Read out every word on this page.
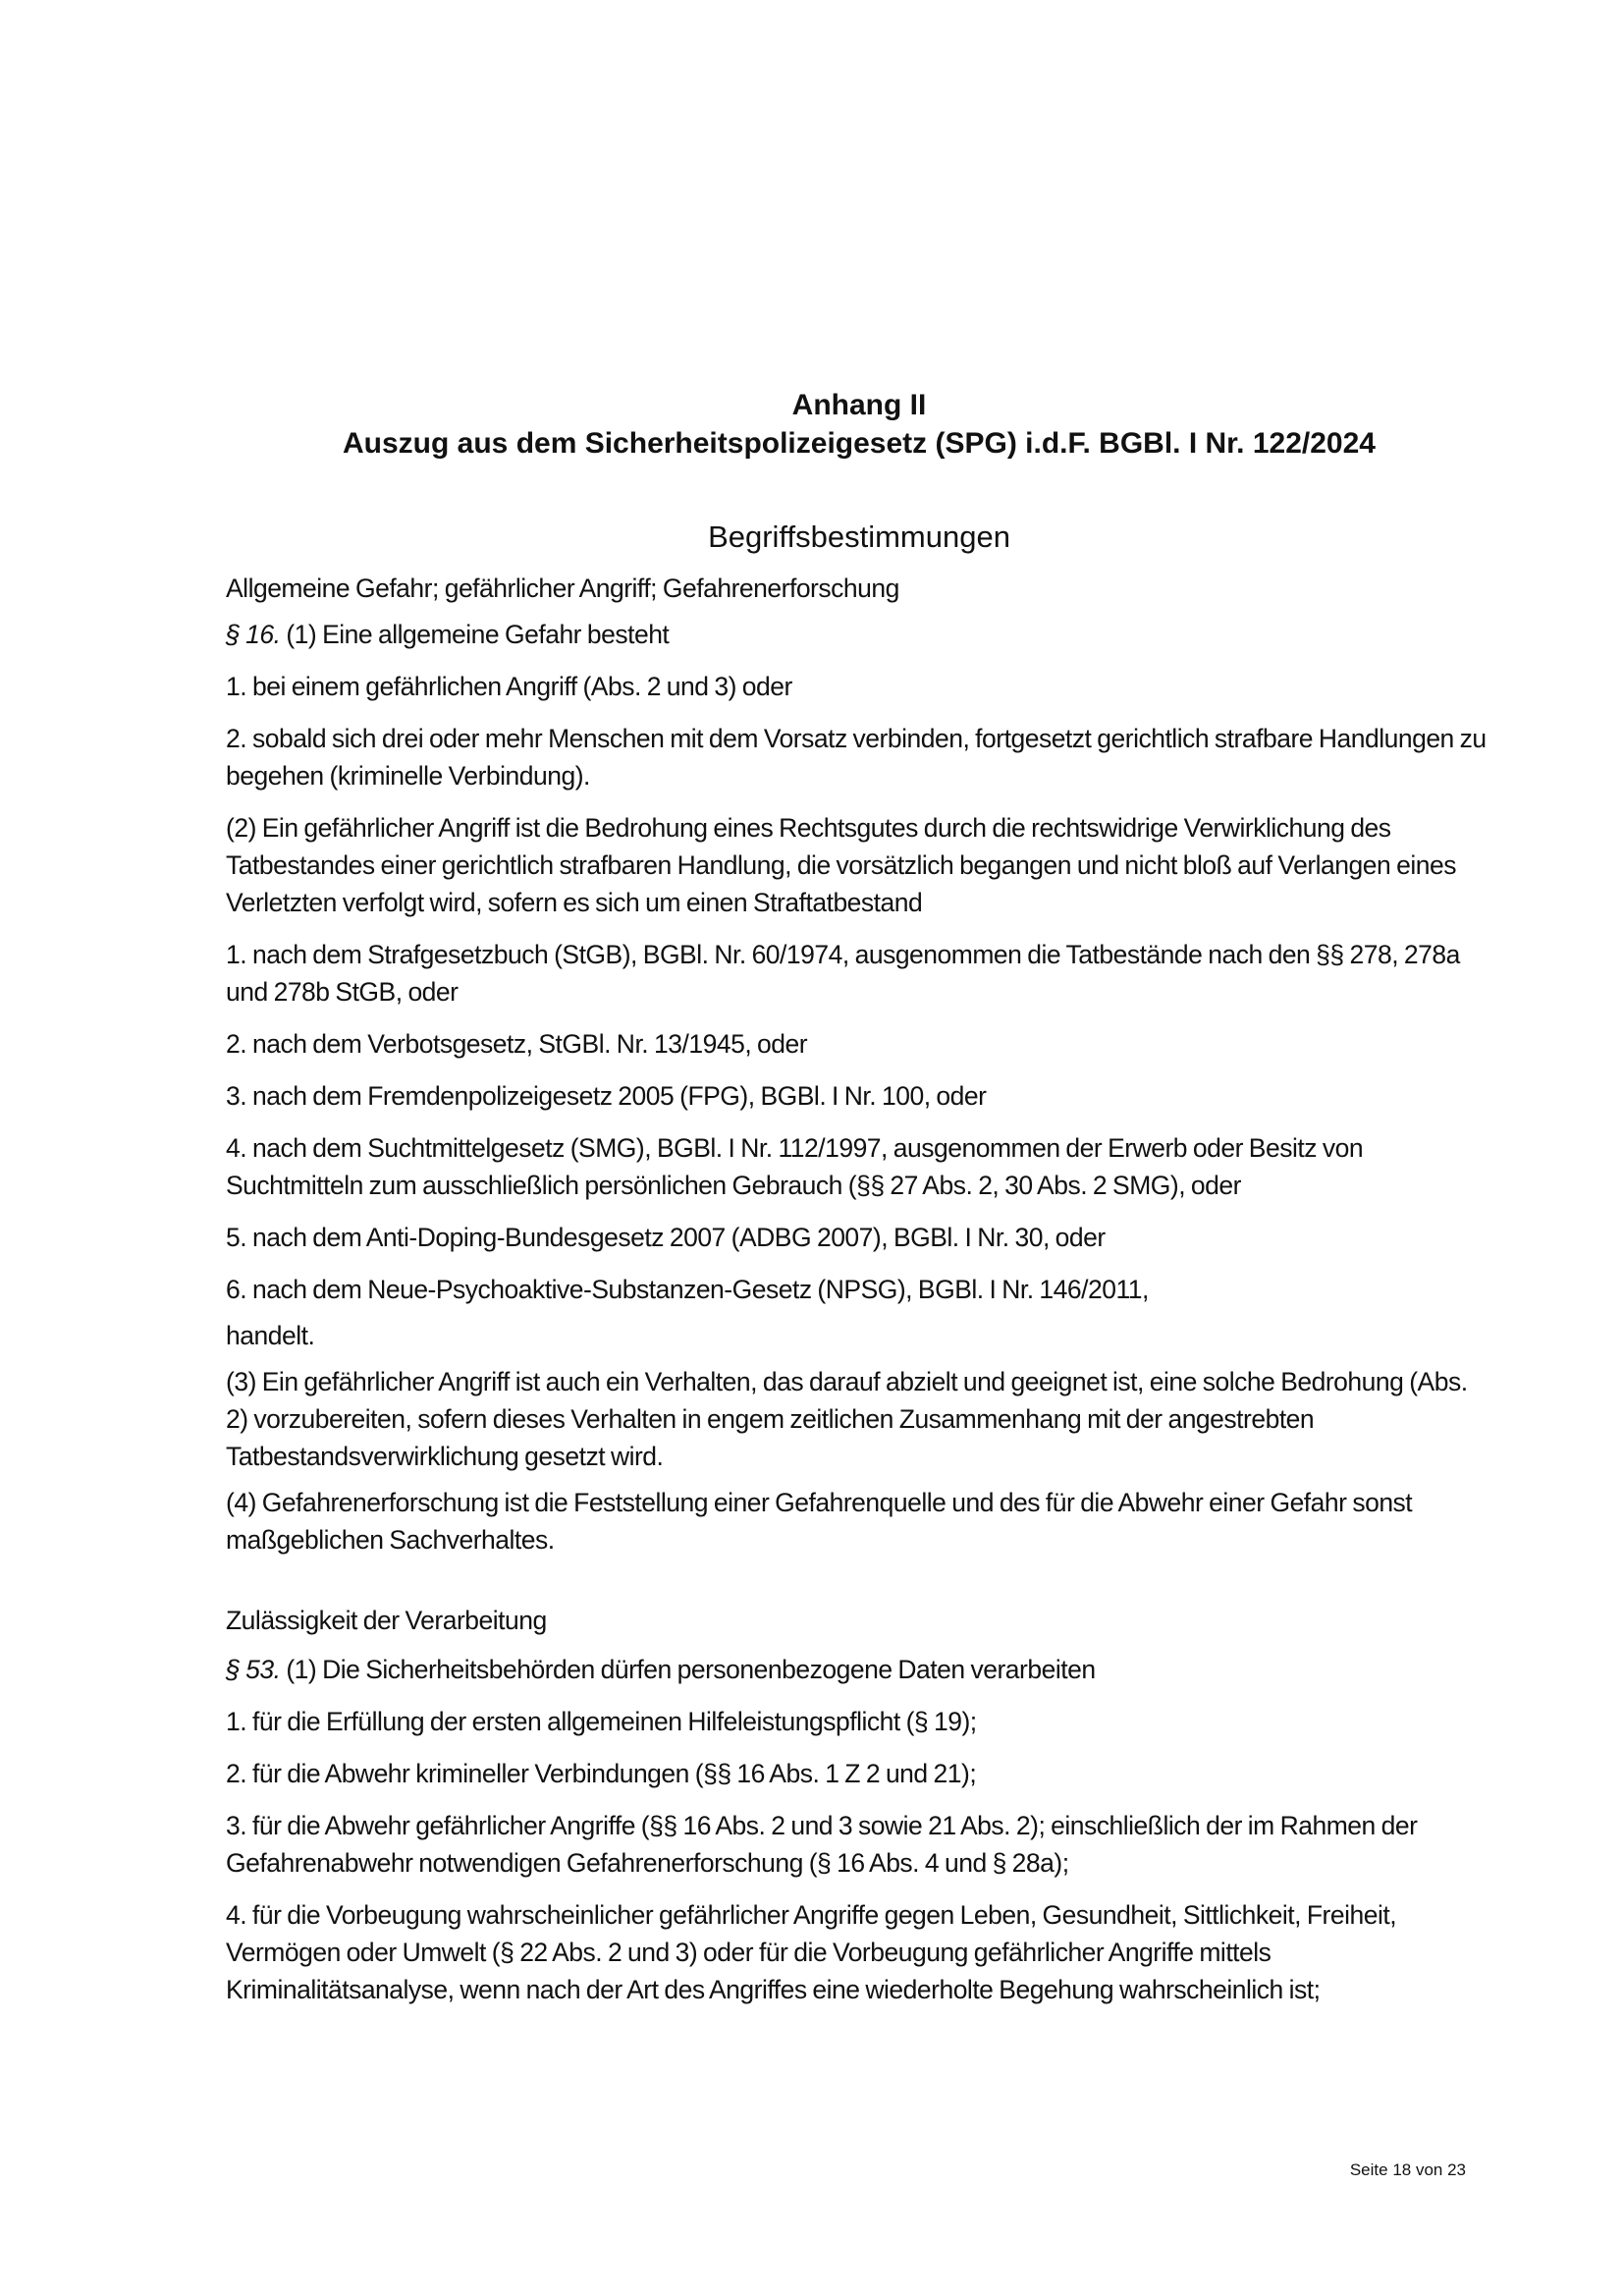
Anhang II
Auszug aus dem Sicherheitspolizeigesetz (SPG) i.d.F. BGBl. I Nr. 122/2024
Begriffsbestimmungen

Allgemeine Gefahr; gefährlicher Angriff; Gefahrenerforschung

§ 16. (1) Eine allgemeine Gefahr besteht

1. bei einem gefährlichen Angriff (Abs. 2 und 3) oder

2. sobald sich drei oder mehr Menschen mit dem Vorsatz verbinden, fortgesetzt gerichtlich strafbare Handlungen zu begehen (kriminelle Verbindung).

(2) Ein gefährlicher Angriff ist die Bedrohung eines Rechtsgutes durch die rechtswidrige Verwirklichung des Tatbestandes einer gerichtlich strafbaren Handlung, die vorsätzlich begangen und nicht bloß auf Verlangen eines Verletzten verfolgt wird, sofern es sich um einen Straftatbestand

1. nach dem Strafgesetzbuch (StGB), BGBl. Nr. 60/1974, ausgenommen die Tatbestände nach den §§ 278, 278a und 278b StGB, oder

2. nach dem Verbotsgesetz, StGBl. Nr. 13/1945, oder

3. nach dem Fremdenpolizeigesetz 2005 (FPG), BGBl. I Nr. 100, oder

4. nach dem Suchtmittelgesetz (SMG), BGBl. I Nr. 112/1997, ausgenommen der Erwerb oder Besitz von Suchtmitteln zum ausschließlich persönlichen Gebrauch (§§ 27 Abs. 2, 30 Abs. 2 SMG), oder

5. nach dem Anti-Doping-Bundesgesetz 2007 (ADBG 2007), BGBl. I Nr. 30, oder

6. nach dem Neue-Psychoaktive-Substanzen-Gesetz (NPSG), BGBl. I Nr. 146/2011,

handelt.

(3) Ein gefährlicher Angriff ist auch ein Verhalten, das darauf abzielt und geeignet ist, eine solche Bedrohung (Abs. 2) vorzubereiten, sofern dieses Verhalten in engem zeitlichen Zusammenhang mit der angestrebten Tatbestandsverwirklichung gesetzt wird.

(4) Gefahrenerforschung ist die Feststellung einer Gefahrenquelle und des für die Abwehr einer Gefahr sonst maßgeblichen Sachverhaltes.

Zulässigkeit der Verarbeitung

§ 53. (1) Die Sicherheitsbehörden dürfen personenbezogene Daten verarbeiten

1. für die Erfüllung der ersten allgemeinen Hilfeleistungspflicht (§ 19);

2. für die Abwehr krimineller Verbindungen (§§ 16 Abs. 1 Z 2 und 21);

3. für die Abwehr gefährlicher Angriffe (§§ 16 Abs. 2 und 3 sowie 21 Abs. 2); einschließlich der im Rahmen der Gefahrenabwehr notwendigen Gefahrenerforschung (§ 16 Abs. 4 und § 28a);

4. für die Vorbeugung wahrscheinlicher gefährlicher Angriffe gegen Leben, Gesundheit, Sittlichkeit, Freiheit, Vermögen oder Umwelt (§ 22 Abs. 2 und 3) oder für die Vorbeugung gefährlicher Angriffe mittels Kriminalitätsanalyse, wenn nach der Art des Angriffes eine wiederholte Begehung wahrscheinlich ist;

Seite 18 von 23
